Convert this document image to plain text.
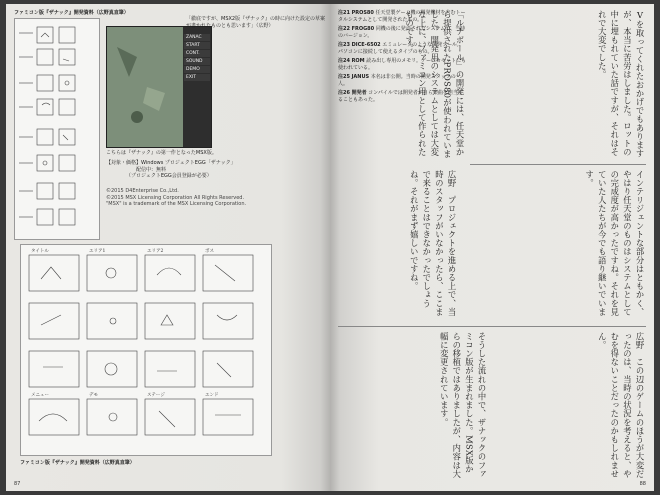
ファミコン版『ザナック』開発資料（広野真直筆）
ZANAC
START
CONT.
SOUND
DEMO
EXIT
こちらは『ザナック』の第一作となったMSX版。
「徹底ですが、MSX2版『ザナック』の時に向けた設定の草案が書かれたものとも思います」（広野）
【対象・価格】Windows プロジェクトEGG「ザナック」
配信中：無料
（プロジェクトEGG会員登録が必要）
©2015 D4Enterprise Co.,Ltd.
©2015 MSX Licensing Corporation All Rights Reserved.
"MSX" is a trademark of the MSX Licensing Corporation.
タイトル	エリア1	エリア2	ボス
メニュー	デモ	ステージ	エンド
ファミコン版『ザナック』開発資料（広野真直筆）
87
注21 PROS80 任天堂製ゲーム機の開発機材を含むトータルシステムとして開発されたもの。
注22 FROG80 同機の後に発売されたシステムで、当時のバージョン。
注23 DICE-6502 エミュレータのような開発ツール。パソコンに接続して使えるタイプのもの。
注24 ROM 読み出し専用のメモリ。ゲームカセットにも使われている。
注25 JANUS 本名は非公開。当時の開発スタッフの一人。
注26 開発者 コンパイルでは開発者が自ら楽曲を担当することもあった。	Ⅴを取ってくれたおかげでもありますが、本当に苦労はしました。ロットの中に埋もれていた話ですが、それはそれで大変でした。
広野　プロジェクトを進める上で、当時のスタッフがいなかったら、ここまで来ることはできなかったでしょうね。それがまず嬉しいですね。	インテリジェントな部分はともかく、やはり任天堂のものはシステムとしての完成度が高かったですね。それを見ていた人たちが今でも語り継いでいます。
そうした流れの中で、ザナックのファミコン版が生まれました。MSX版からの移植ではありましたが、内容は大幅に変更されています。	広野　この辺のゲームのほうが大変だったのは、当時の状況を考えると、やむを得ないことだったのかもしれません。
「ルナボール」の開発には、任天堂から提供されたPROS80が使われていました。開発用のシステムとしては大変な上に、ファミコン用として作られたものです。
88
